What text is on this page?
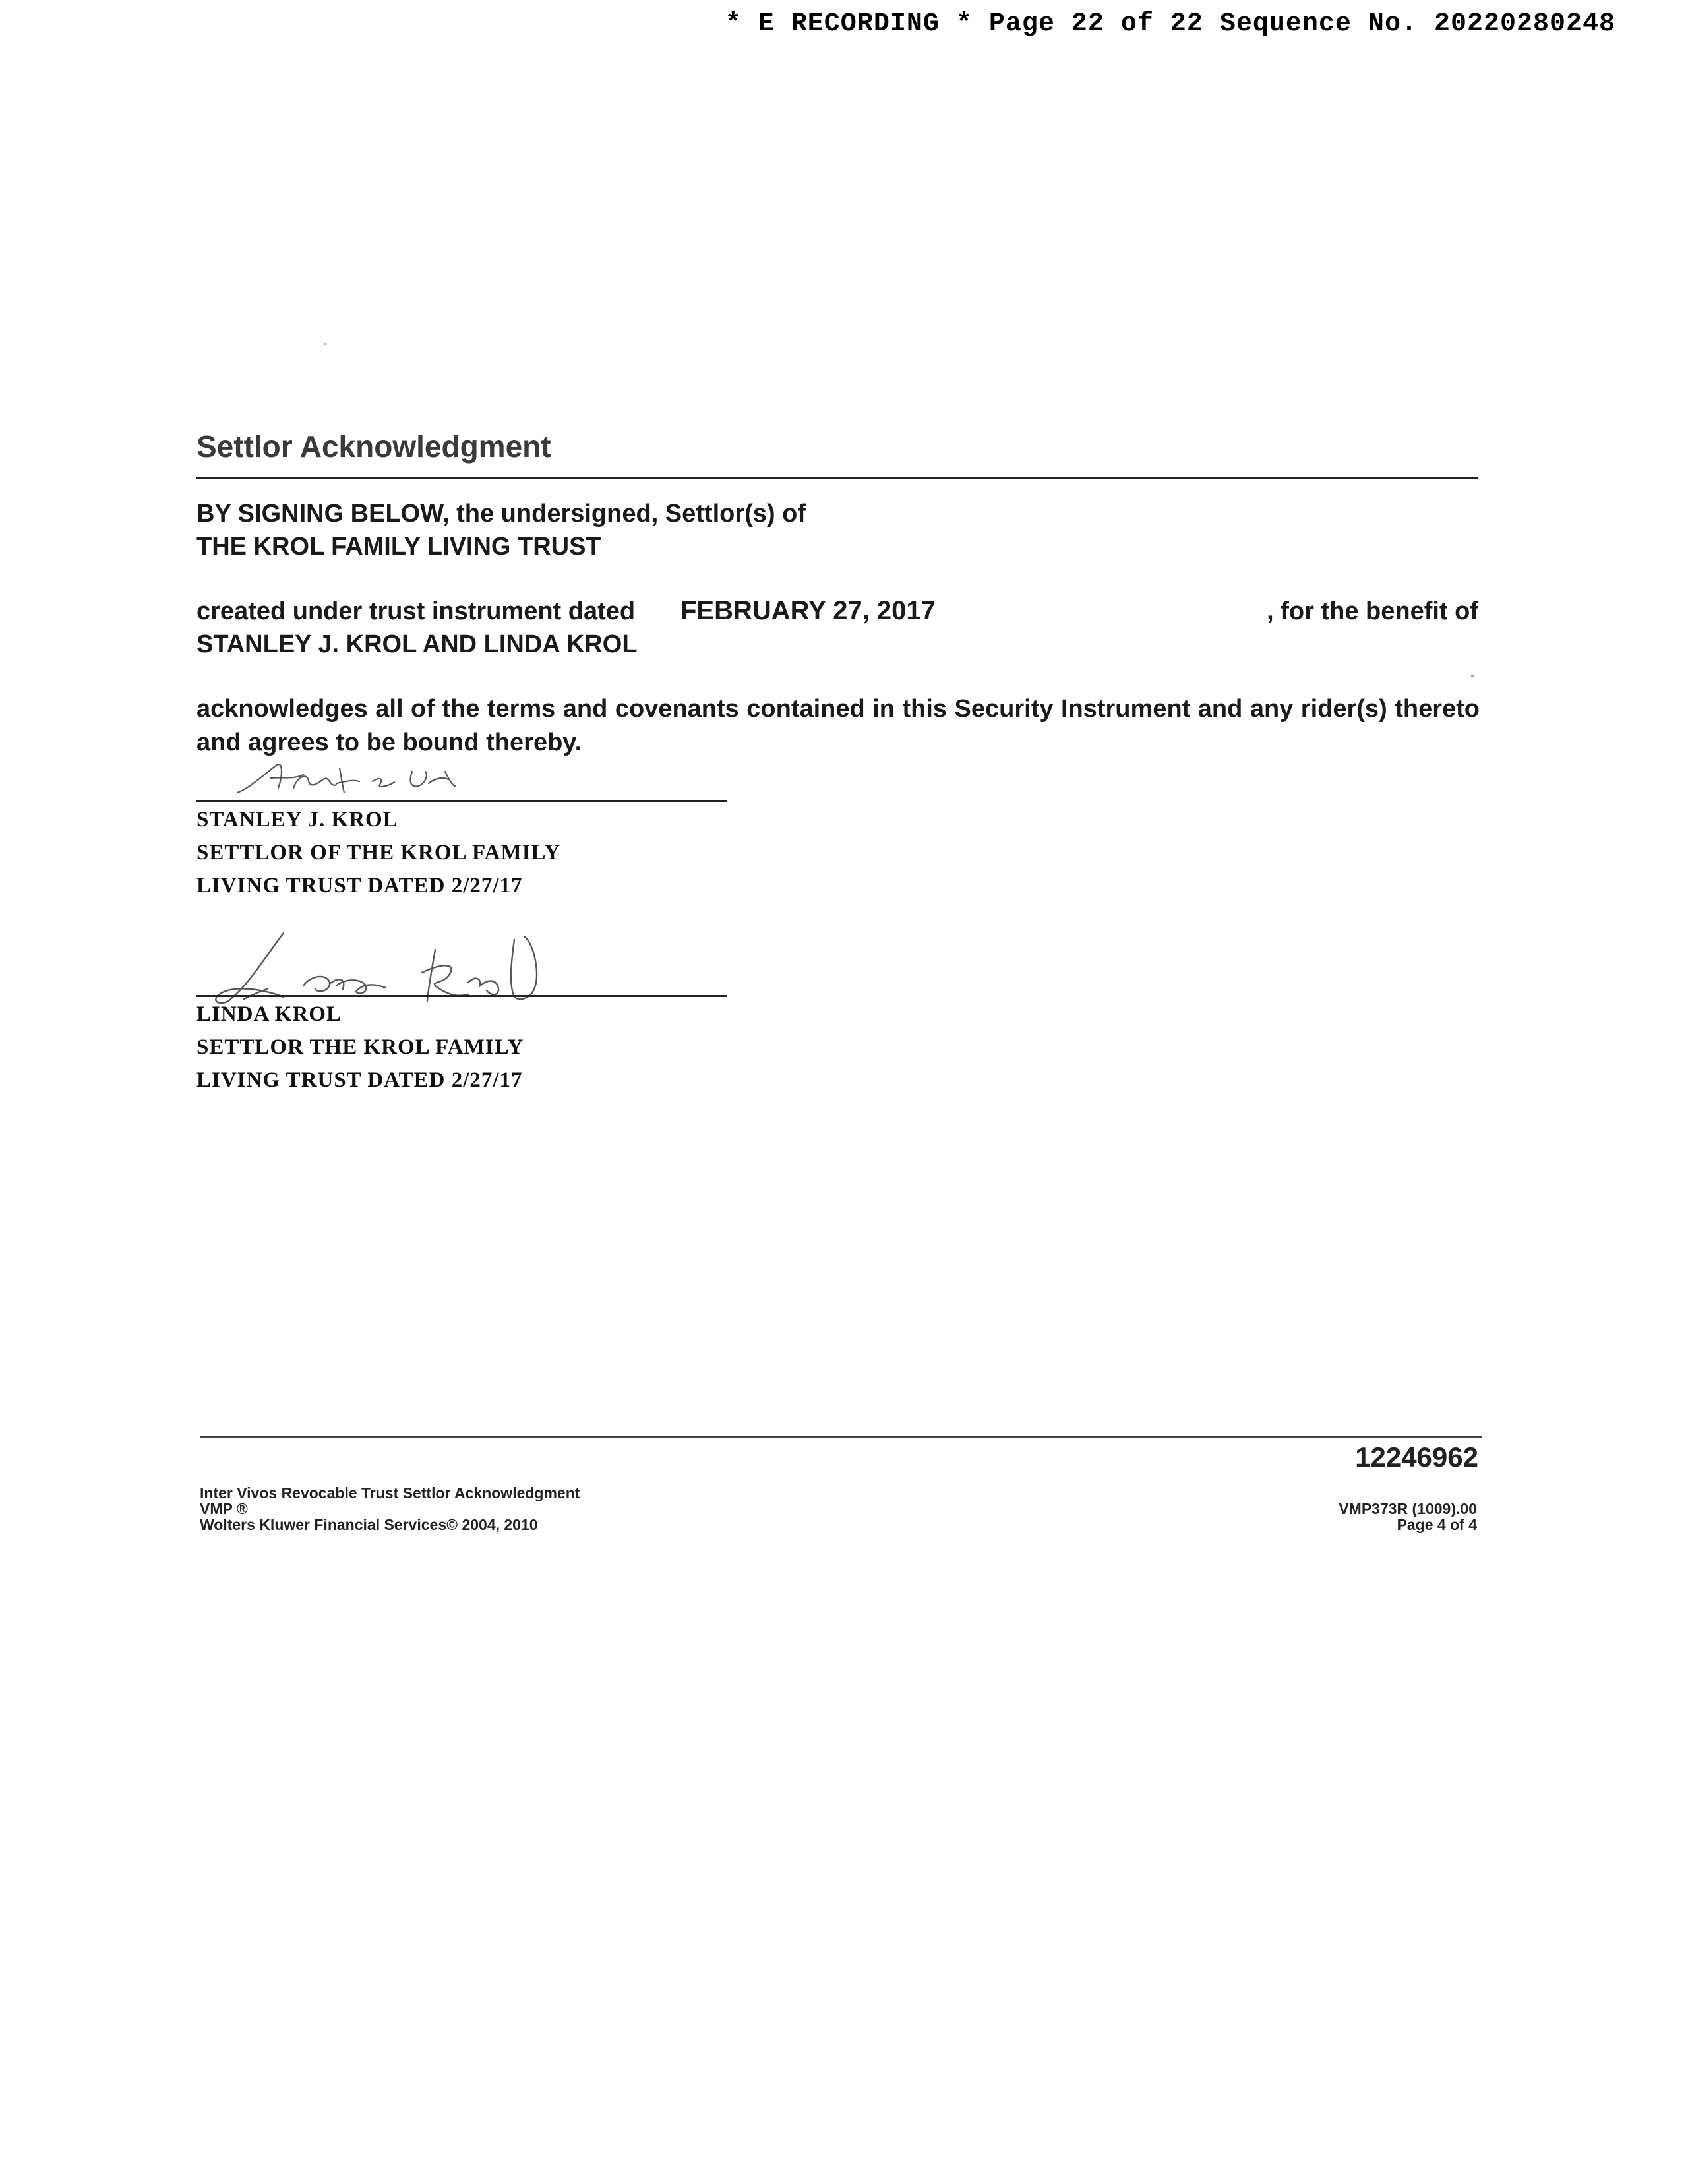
* E RECORDING * Page 22 of 22 Sequence No. 20220280248
Settlor Acknowledgment
BY SIGNING BELOW, the undersigned, Settlor(s) of
THE KROL FAMILY LIVING TRUST
created under trust instrument dated FEBRUARY 27, 2017	, for the benefit of
STANLEY J. KROL AND LINDA KROL
acknowledges all of the terms and covenants contained in this Security Instrument and any rider(s) thereto and agrees to be bound thereby.
STANLEY J. KROL
SETTLOR OF THE KROL FAMILY
LIVING TRUST DATED 2/27/17
LINDA KROL
SETTLOR THE KROL FAMILY
LIVING TRUST DATED 2/27/17
12246962
Inter Vivos Revocable Trust Settlor Acknowledgment
VMP ®
Wolters Kluwer Financial Services© 2004, 2010
VMP373R (1009).00
Page 4 of 4
